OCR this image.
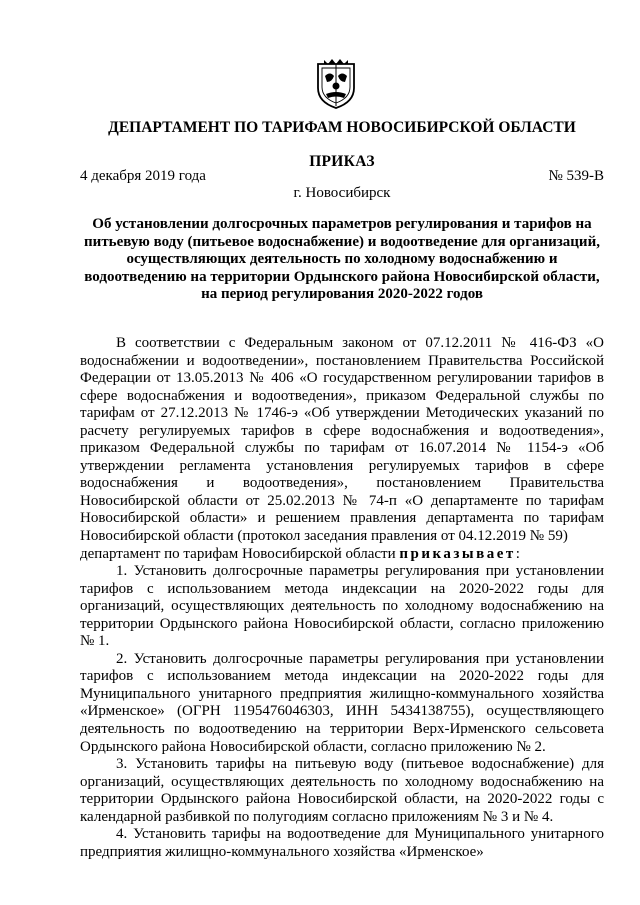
ДЕПАРТАМЕНТ ПО ТАРИФАМ НОВОСИБИРСКОЙ ОБЛАСТИ
ПРИКАЗ
4 декабря 2019 года	№ 539-В
г. Новосибирск
Об установлении долгосрочных параметров регулирования и тарифов на
питьевую воду (питьевое водоснабжение) и водоотведение для организаций,
осуществляющих деятельность по холодному водоснабжению и
водоотведению на территории Ордынского района Новосибирской области,
на период регулирования 2020-2022 годов

В соответствии с Федеральным законом от 07.12.2011 № 416-ФЗ «О водоснабжении и водоотведении», постановлением Правительства Российской Федерации от 13.05.2013 № 406 «О государственном регулировании тарифов в сфере водоснабжения и водоотведения», приказом Федеральной службы по тарифам от 27.12.2013 № 1746-э «Об утверждении Методических указаний по расчету регулируемых тарифов в сфере водоснабжения и водоотведения», приказом Федеральной службы по тарифам от 16.07.2014 № 1154-э «Об утверждении регламента установления регулируемых тарифов в сфере водоснабжения и водоотведения», постановлением Правительства Новосибирской области от 25.02.2013 № 74-п «О департаменте по тарифам Новосибирской области» и решением правления департамента по тарифам Новосибирской области (протокол заседания правления от 04.12.2019 № 59)

департамент по тарифам Новосибирской области приказывает:

1. Установить долгосрочные параметры регулирования при установлении тарифов с использованием метода индексации на 2020-2022 годы для организаций, осуществляющих деятельность по холодному водоснабжению на территории Ордынского района Новосибирской области, согласно приложению № 1.

2. Установить долгосрочные параметры регулирования при установлении тарифов с использованием метода индексации на 2020-2022 годы для Муниципального унитарного предприятия жилищно-коммунального хозяйства «Ирменское» (ОГРН 1195476046303, ИНН 5434138755), осуществляющего деятельность по водоотведению на территории Верх-Ирменского сельсовета Ордынского района Новосибирской области, согласно приложению № 2.

3. Установить тарифы на питьевую воду (питьевое водоснабжение) для организаций, осуществляющих деятельность по холодному водоснабжению на территории Ордынского района Новосибирской области, на 2020-2022 годы с календарной разбивкой по полугодиям согласно приложениям № 3 и № 4.

4. Установить тарифы на водоотведение для Муниципального унитарного предприятия жилищно-коммунального хозяйства «Ирменское»
